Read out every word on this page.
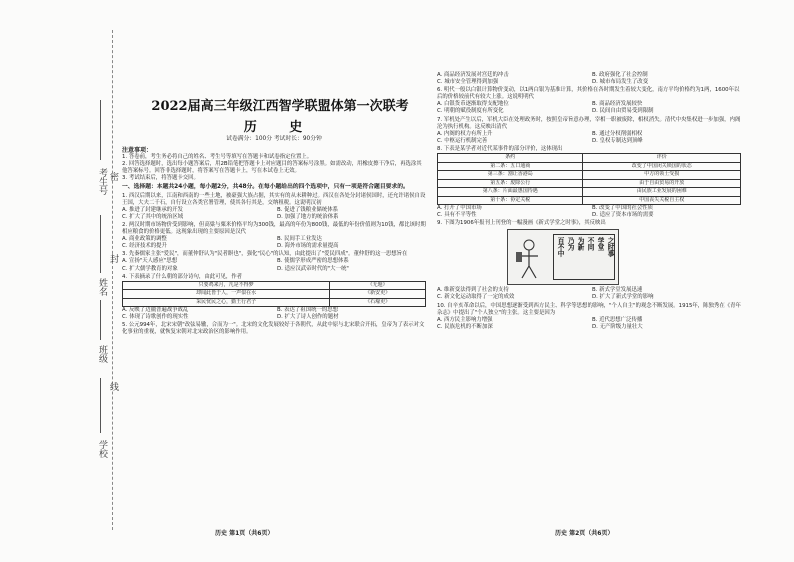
考生号
姓名
班级
学校
密
封
线
2022届高三年级江西智学联盟体第一次联考
历 史
试卷满分：100分 考试时长：90分钟

注意事项：

1. 答卷前，考生务必将自己的姓名、考生号等填写在答题卡和试卷指定位置上。

2. 回答选择题时，选出每小题答案后，用2B铅笔把答题卡上对应题目的答案标号涂黑。如需改动，用橡皮擦干净后，再选涂其他答案标号。回答非选择题时，将答案写在答题卡上，写在本试卷上无效。

3. 考试结束后，将答题卡交回。

一、选择题：本题共24小题，每小题2分，共48分。在每小题给出的四个选项中，只有一项是符合题目要求的。

1. 西汉后期以来，江南和西南的一些土地，被豪强大族占据，其实有的从未耕种过。西汉在各处分封诸侯国时，还允许诸侯自设王国，大夫二千石，自行设立各类官署管理，使其各行其是，交纳租税。这说明汉初

A. 推进了封建继承的开发	B. 促进了钱粮业储统体系
C. 扩大了其中的统治区域	D. 加强了地方的统治体系

2. 两汉时期市场物价受到影响，但高粱与粟米价格平均为300钱，最高的年份为800钱，最低的年份价值则为10钱，都比该时期相应粮食的价格更低。这现象出现的主要原因是汉代

A. 商业政策的调整	B. 民间手工业发达
C. 经济技术的提升	D. 海外市场的需求量提高

3. 先秦儒家主张"爱民"，而董仲舒认为"民者瞑也"，强化"民心"的认知，由此提出了"爱民四成"。董仲舒的这一思想旨在

A. 宣扬"天人感应"思想	B. 使儒学形成严密的思想体系
C. 扩大儒学教育的对象	D. 适应汉武帝时代的"大一统"

4. 下表摘录了什么朝的部分诗句，由此可见，作者

只要鸡来月，凡是不得梦	《无题》
却闻此皆于人，一声似在水	《新安吏》
采民忧民之心，勤王行君子	《石壕吏》
A. 反映了边疆普遍战争战乱	B. 表达了祖国统一的思想
C. 体现了诗歌创作的现实性	D. 扩大了诗人创作的题材

5. 公元994年，北宋宋朝"改弦易辙，合而为一"。北宋的文化发展较好于各朝代，从此中原与北宋联合开拓，皇帝为了表示对文化事业的重视，就恢复宋朝对北宋政治区的影响作用。

A. 商品经济发展对宫廷的冲击	B. 政府强化了社会控制
C. 城市安全管理得到加强	D. 城市布局发生了改变

6. 明代一般以白银计算物价变动，以1两白银为基准计算，其价格在各时期发生着较大变化，南方平均价格约为1两，1600年以后的价格较前代有较大上涨。这说明明代

A. 白银货币逐渐取得支配地位	B. 商品经济发展较快
C. 明朝的赋役制度有所变化	D. 民间自由贸易受到限制

7. 军机处产生以后，军机大臣在处理政务时，按照皇帝旨意办理，宰相一职被废除，相权消失。清代中央集权进一步加强，内阁沦为执行机构。这反映出清代

A. 内阁的权力有所上升	B. 通过分权削弱相权
C. 中枢运行机制完善	D. 皇权专制达到顶峰

8. 下表是某学者对近代某事件的部分评价，这体现出

条约	评价
第二条：五口通商	改变了中国闭关锁国的状态
第三条：割让香港岛	中方的领土受损
第五条：废除公行	由于自由贸易的开放
第八条：片面最惠国待遇	由民族工业发展的困难
第十条：协定关税	中国丧失关税自主权
A. 打开了中国市场	B. 改变了中国的社会性质
C. 具有不平等性	D. 适应了资本市场的需要

9. 下图为1906年报刊上刊登的一幅漫画《新式学堂之时事》，其反映出

百不中 乃为 为新 不同 学堂 之时事
A. 维新变法得到了社会的支持	B. 新式学堂发展迅速
C. 新文化运动取得了一定的成效	D. 扩大了新式学堂的影响

10. 自辛亥革命以后，中国思想逐渐受到西方民主、科学等思想的影响，"个人自主"的观念不断发展。1915年，陈独秀在《青年杂志》中提出了"个人独立"的主张。这主要是因为

A. 西方民主影响力增强	B. 近代思想广泛传播
C. 民族危机的不断加深	D. 无产阶级力量壮大
历史 第1页（共6页）	历史 第2页（共6页）
